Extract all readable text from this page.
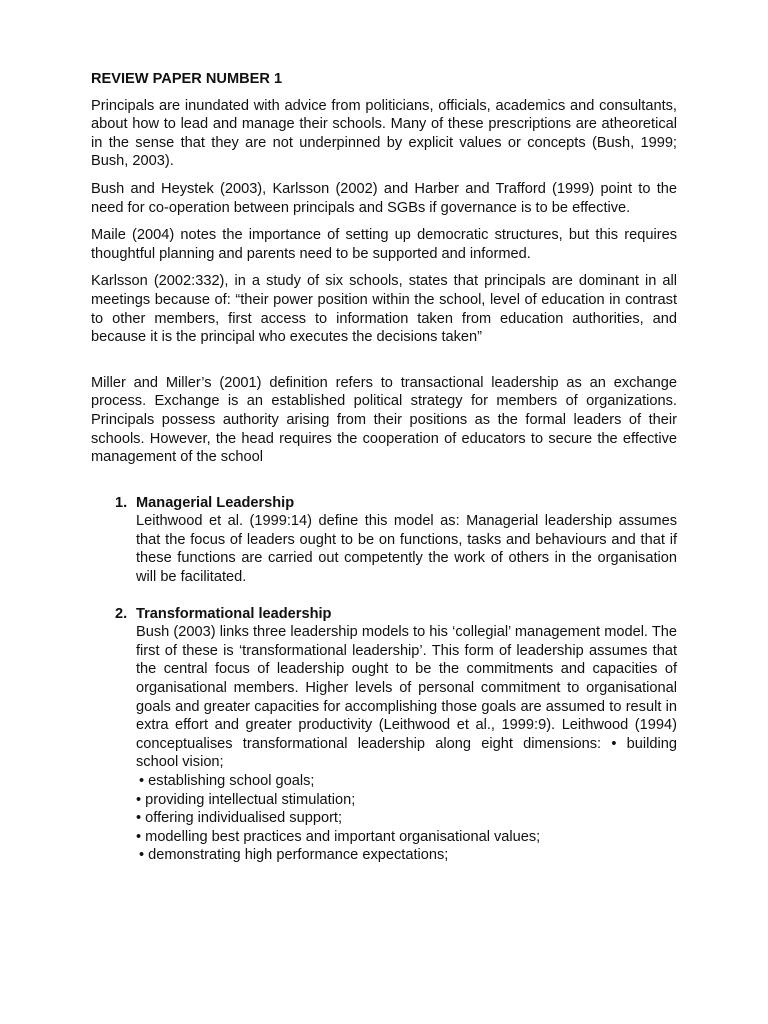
REVIEW PAPER NUMBER 1

Principals are inundated with advice from politicians, officials, academics and consultants, about how to lead and manage their schools. Many of these prescriptions are atheoretical in the sense that they are not underpinned by explicit values or concepts (Bush, 1999; Bush, 2003).

Bush and Heystek (2003), Karlsson (2002) and Harber and Trafford (1999) point to the need for co-operation between principals and SGBs if governance is to be effective.

Maile (2004) notes the importance of setting up democratic structures, but this requires thoughtful planning and parents need to be supported and informed.

Karlsson (2002:332), in a study of six schools, states that principals are dominant in all meetings because of: “their power position within the school, level of education in contrast to other members, first access to information taken from education authorities, and because it is the principal who executes the decisions taken”

Miller and Miller’s (2001) definition refers to transactional leadership as an exchange process. Exchange is an established political strategy for members of organizations. Principals possess authority arising from their positions as the formal leaders of their schools. However, the head requires the cooperation of educators to secure the effective management of the school

1. Managerial Leadership

Leithwood et al. (1999:14) define this model as: Managerial leadership assumes that the focus of leaders ought to be on functions, tasks and behaviours and that if these functions are carried out competently the work of others in the organisation will be facilitated.

2. Transformational leadership

Bush (2003) links three leadership models to his ‘collegial’ management model. The first of these is ‘transformational leadership’. This form of leadership assumes that the central focus of leadership ought to be the commitments and capacities of organisational members. Higher levels of personal commitment to organisational goals and greater capacities for accomplishing those goals are assumed to result in extra effort and greater productivity (Leithwood et al., 1999:9). Leithwood (1994) conceptualises transformational leadership along eight dimensions: • building school vision;

• establishing school goals;
• providing intellectual stimulation;
• offering individualised support;
• modelling best practices and important organisational values;
• demonstrating high performance expectations;
